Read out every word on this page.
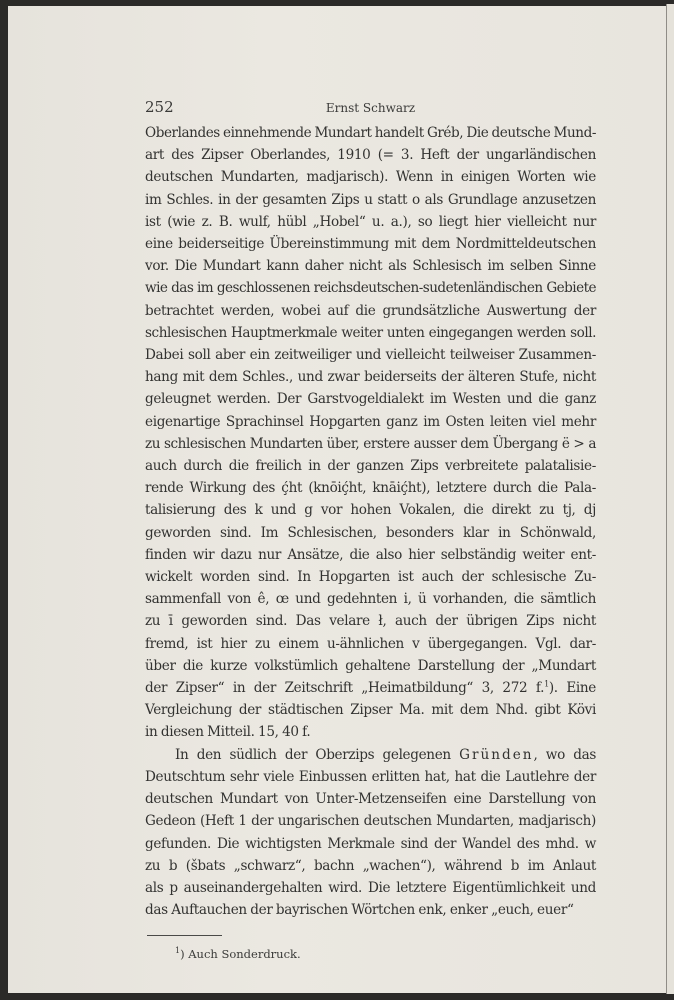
252	Ernst Schwarz
Oberlandes einnehmende Mundart handelt Gréb, Die deutsche Mund-
art des Zipser Oberlandes, 1910 (= 3. Heft der ungarländischen
deutschen Mundarten, madjarisch). Wenn in einigen Worten wie
im Schles. in der gesamten Zips u statt o als Grundlage anzusetzen
ist (wie z. B. wulf, hübl „Hobel“ u. a.), so liegt hier vielleicht nur
eine beiderseitige Übereinstimmung mit dem Nordmitteldeutschen
vor. Die Mundart kann daher nicht als Schlesisch im selben Sinne
wie das im geschlossenen reichsdeutschen-sudetenländischen Gebiete
betrachtet werden, wobei auf die grundsätzliche Auswertung der
schlesischen Hauptmerkmale weiter unten eingegangen werden soll.
Dabei soll aber ein zeitweiliger und vielleicht teilweiser Zusammen-
hang mit dem Schles., und zwar beiderseits der älteren Stufe, nicht
geleugnet werden. Der Garstvogeldialekt im Westen und die ganz
eigenartige Sprachinsel Hopgarten ganz im Osten leiten viel mehr
zu schlesischen Mundarten über, erstere ausser dem Übergang ë > a
auch durch die freilich in der ganzen Zips verbreitete palatalisie-
rende Wirkung des ḉht (knōiḉht, knāiḉht), letztere durch die Pala-
talisierung des k und g vor hohen Vokalen, die direkt zu tj, dj
geworden sind. Im Schlesischen, besonders klar in Schönwald,
finden wir dazu nur Ansätze, die also hier selbständig weiter ent-
wickelt worden sind. In Hopgarten ist auch der schlesische Zu-
sammenfall von ê, œ und gedehnten i, ü vorhanden, die sämtlich
zu ī geworden sind. Das velare ł, auch der übrigen Zips nicht
fremd, ist hier zu einem u-ähnlichen v übergegangen. Vgl. dar-
über die kurze volkstümlich gehaltene Darstellung der „Mundart
der Zipser“ in der Zeitschrift „Heimatbildung“ 3, 272 f.$^1$). Eine
Vergleichung der städtischen Zipser Ma. mit dem Nhd. gibt Kövi
in diesen Mitteil. 15, 40 f.
In den südlich der Oberzips gelegenen Gründen, wo das
Deutschtum sehr viele Einbussen erlitten hat, hat die Lautlehre der
deutschen Mundart von Unter-Metzenseifen eine Darstellung von
Gedeon (Heft 1 der ungarischen deutschen Mundarten, madjarisch)
gefunden. Die wichtigsten Merkmale sind der Wandel des mhd. w
zu b (šbats „schwarz“, bachn „wachen“), während b im Anlaut
als p auseinandergehalten wird. Die letztere Eigentümlichkeit und
das Auftauchen der bayrischen Wörtchen enk, enker „euch, euer“
$^1$) Auch Sonderdruck.
